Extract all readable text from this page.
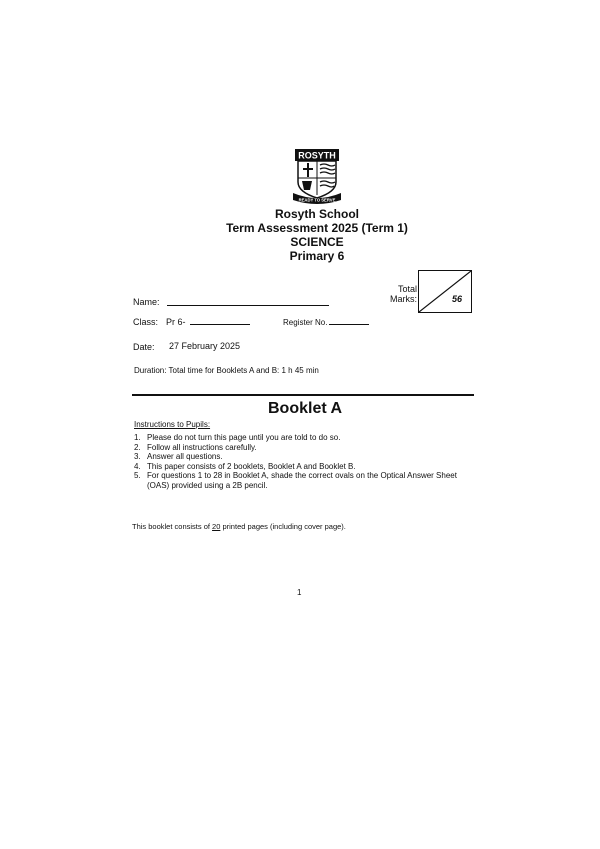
ROSYTH
READY TO SERVE
Rosyth School
Term Assessment 2025 (Term 1)
SCIENCE
Primary 6
Total
Marks:	56
Name:
Class: Pr 6-	Register No.
Date: 27 February 2025
Duration: Total time for Booklets A and B: 1 h 45 min
Booklet A
Instructions to Pupils:
1. Please do not turn this page until you are told to do so.
2. Follow all instructions carefully.
3. Answer all questions.
4. This paper consists of 2 booklets, Booklet A and Booklet B.
5. For questions 1 to 28 in Booklet A, shade the correct ovals on the Optical Answer Sheet (OAS) provided using a 2B pencil.
This booklet consists of 20 printed pages (including cover page).
1
